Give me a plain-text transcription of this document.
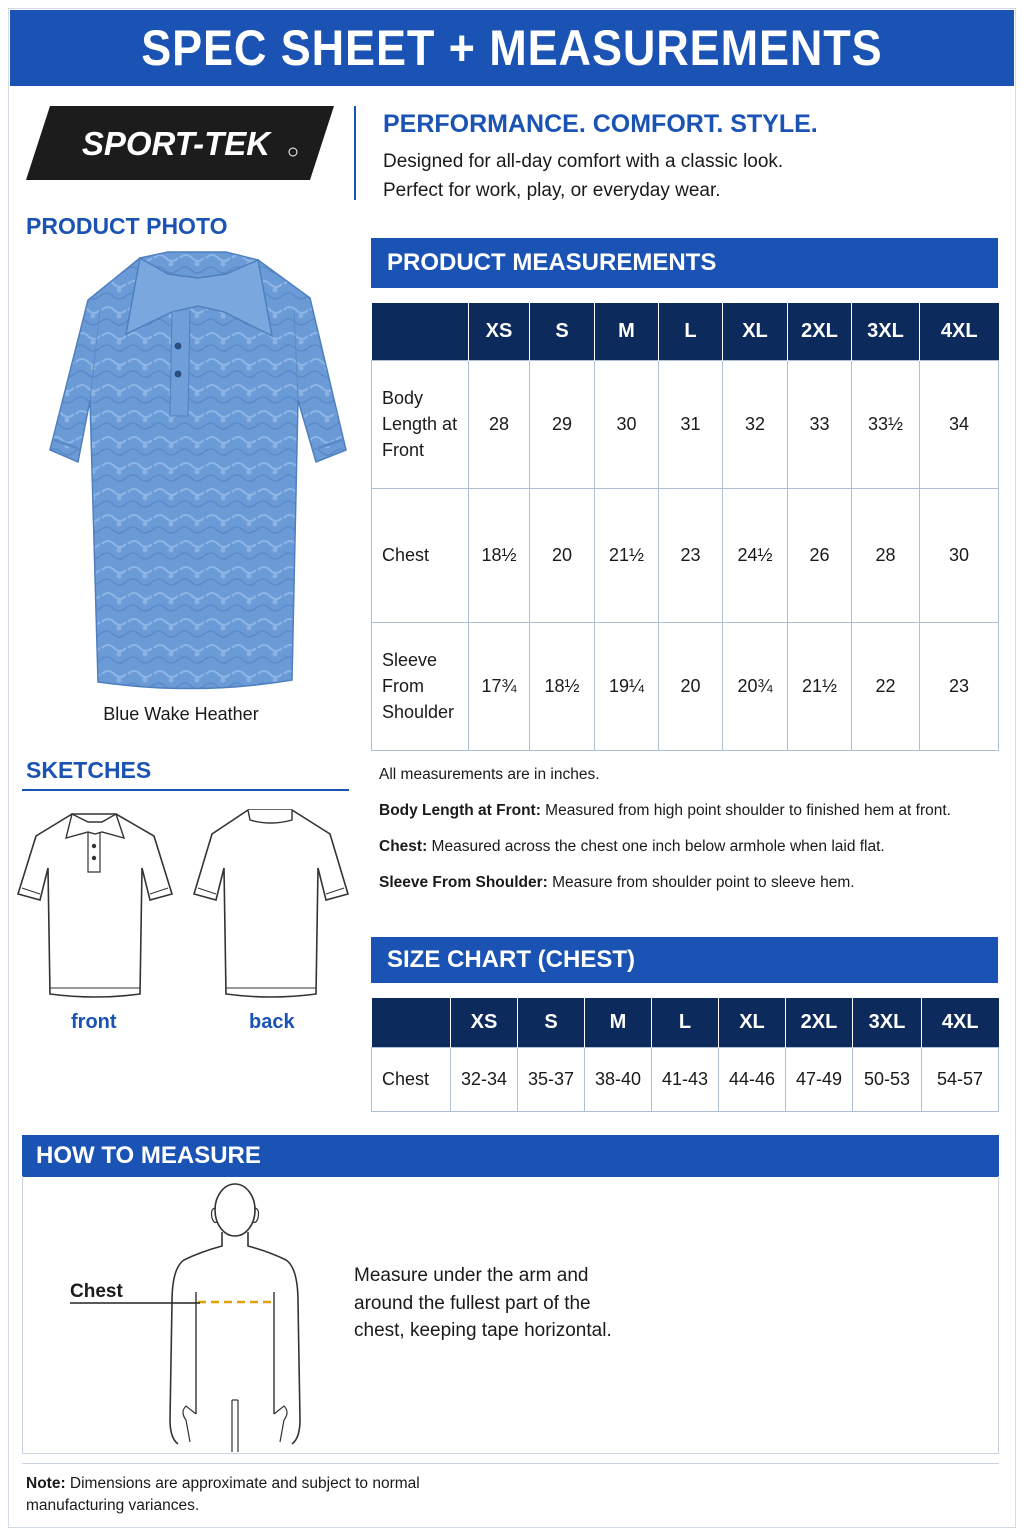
SPEC SHEET + MEASUREMENTS
SPORT-TEK
PERFORMANCE. COMFORT. STYLE.
Designed for all-day comfort with a classic look.
Perfect for work, play, or everyday wear.
PRODUCT PHOTO
Blue Wake Heather
SKETCHES
front	back
PRODUCT MEASUREMENTS
	XS	S	M	L	XL	2XL	3XL	4XL

Body Length at Front	28	29	30	31	32	33	33½	34
Chest	18½	20	21½	23	24½	26	28	30

Sleeve From Shoulder	17¾	18½	19¼	20	20¾	21½	22	23

All measurements are in inches.

Body Length at Front: Measured from high point shoulder to finished hem at front.

Chest: Measured across the chest one inch below armhole when laid flat.

Sleeve From Shoulder: Measure from shoulder point to sleeve hem.

SIZE CHART (CHEST)
	XS	S	M	L	XL	2XL	3XL	4XL
Chest	32-34	35-37	38-40	41-43	44-46	47-49	50-53	54-57
HOW TO MEASURE
Chest
Measure under the arm and
around the fullest part of the
chest, keeping tape horizontal.
Note: Dimensions are approximate and subject to normal
manufacturing variances.
